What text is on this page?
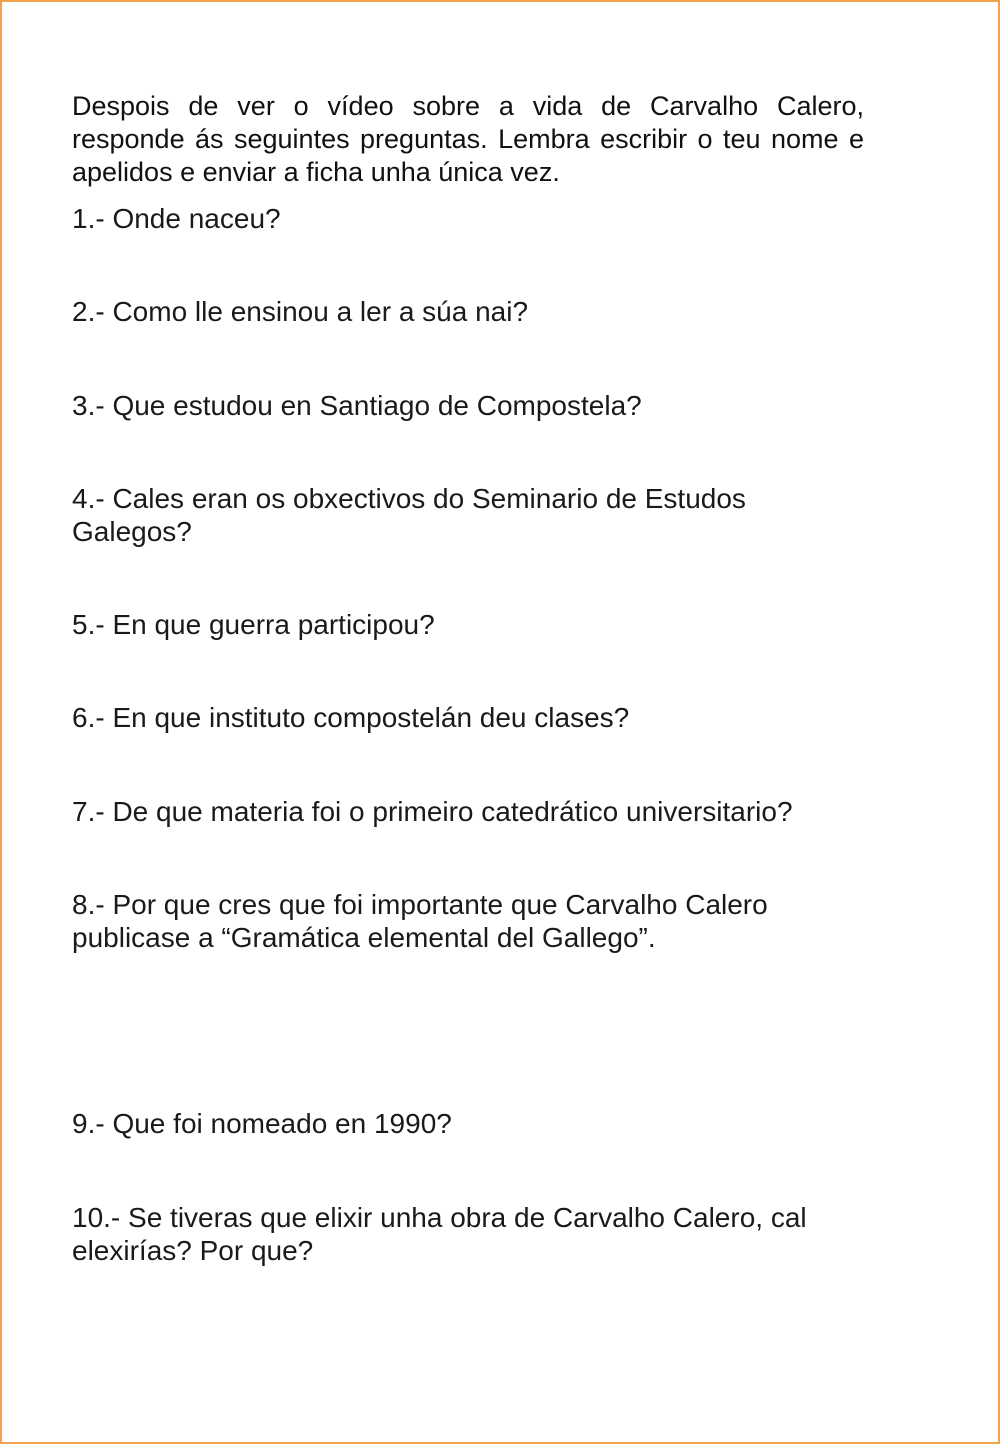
Despois de ver o vídeo sobre a vida de Carvalho Calero, responde ás seguintes preguntas. Lembra escribir o teu nome e apelidos e enviar a ficha unha única vez.

1.- Onde naceu?

2.- Como lle ensinou a ler a súa nai?

3.- Que estudou en Santiago de Compostela?

4.- Cales eran os obxectivos do Seminario de Estudos Galegos?

5.- En que guerra participou?

6.- En que instituto compostelán deu clases?

7.- De que materia foi o primeiro catedrático universitario?

8.- Por que cres que foi importante que Carvalho Calero publicase a “Gramática elemental del Gallego”.

9.- Que foi nomeado en 1990?

10.- Se tiveras que elixir unha obra de Carvalho Calero, cal elexirías? Por que?
